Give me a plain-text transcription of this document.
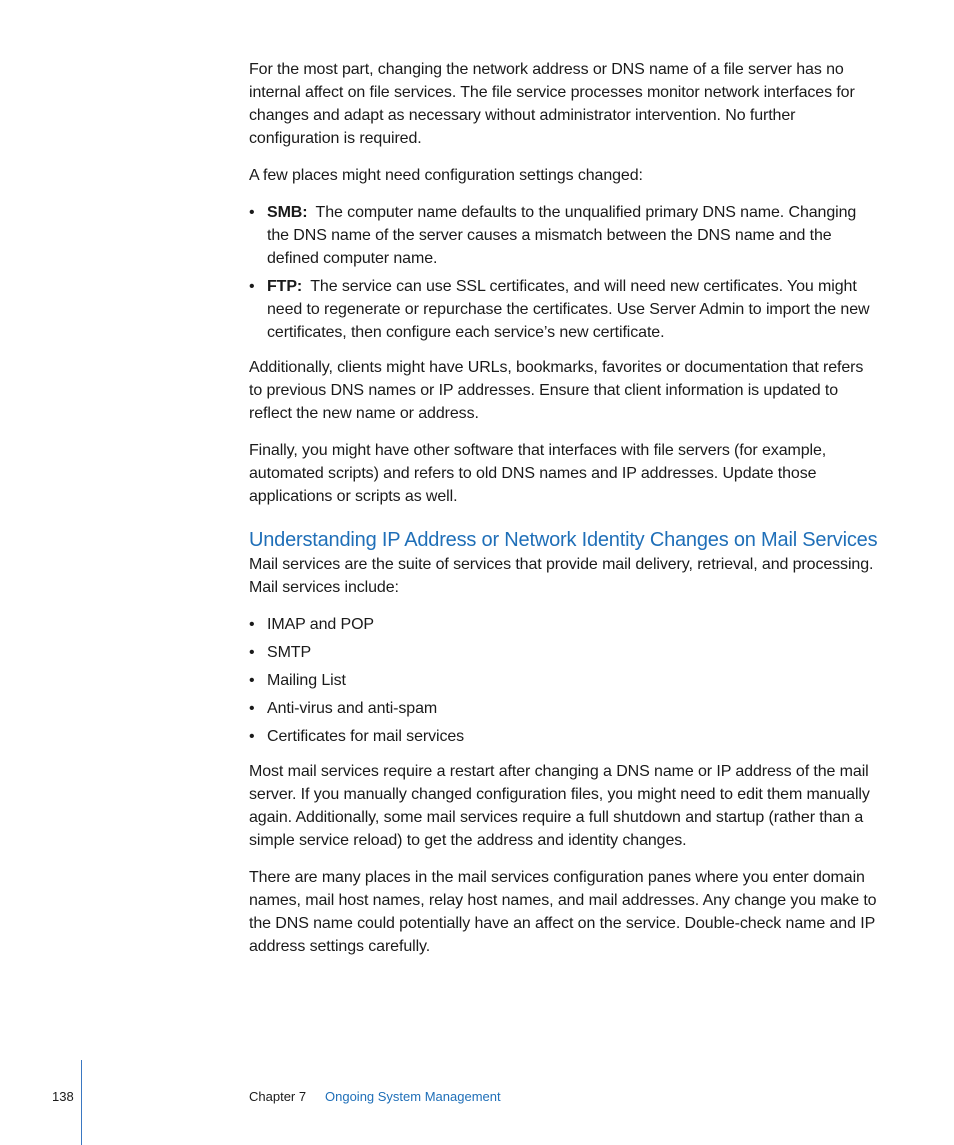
For the most part, changing the network address or DNS name of a file server has no internal affect on file services. The file service processes monitor network interfaces for changes and adapt as necessary without administrator intervention. No further configuration is required.

A few places might need configuration settings changed:

• SMB: The computer name defaults to the unqualified primary DNS name. Changing the DNS name of the server causes a mismatch between the DNS name and the defined computer name.
• FTP: The service can use SSL certificates, and will need new certificates. You might need to regenerate or repurchase the certificates. Use Server Admin to import the new certificates, then configure each service’s new certificate.

Additionally, clients might have URLs, bookmarks, favorites or documentation that refers to previous DNS names or IP addresses. Ensure that client information is updated to reflect the new name or address.

Finally, you might have other software that interfaces with file servers (for example, automated scripts) and refers to old DNS names and IP addresses. Update those applications or scripts as well.

Understanding IP Address or Network Identity Changes on Mail Services

Mail services are the suite of services that provide mail delivery, retrieval, and processing. Mail services include:

• IMAP and POP
• SMTP
• Mailing List
• Anti-virus and anti-spam
• Certificates for mail services

Most mail services require a restart after changing a DNS name or IP address of the mail server. If you manually changed configuration files, you might need to edit them manually again. Additionally, some mail services require a full shutdown and startup (rather than a simple service reload) to get the address and identity changes.

There are many places in the mail services configuration panes where you enter domain names, mail host names, relay host names, and mail addresses. Any change you make to the DNS name could potentially have an affect on the service. Double-check name and IP address settings carefully.

138	Chapter 7 Ongoing System Management
